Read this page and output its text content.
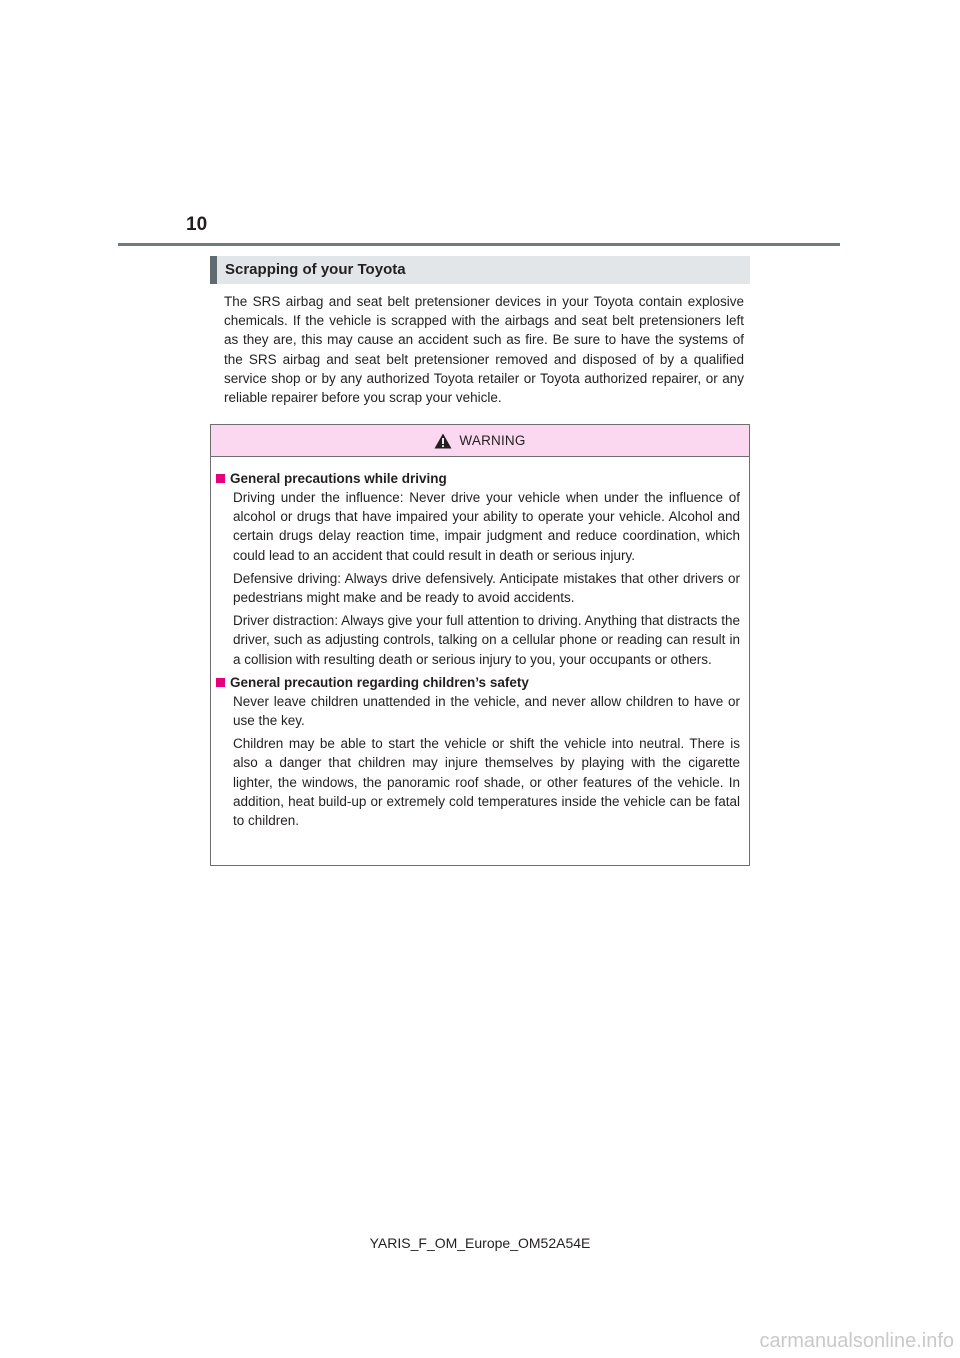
10
Scrapping of your Toyota

The SRS airbag and seat belt pretensioner devices in your Toyota contain explosive chemicals. If the vehicle is scrapped with the airbags and seat belt pretensioners left as they are, this may cause an accident such as fire. Be sure to have the systems of the SRS airbag and seat belt pretensioner removed and disposed of by a qualified service shop or by any authorized Toyota retailer or Toyota authorized repairer, or any reliable repairer before you scrap your vehicle.

WARNING
General precautions while driving

Driving under the influence: Never drive your vehicle when under the influence of alcohol or drugs that have impaired your ability to operate your vehicle. Alcohol and certain drugs delay reaction time, impair judgment and reduce coordination, which could lead to an accident that could result in death or serious injury.

Defensive driving: Always drive defensively. Anticipate mistakes that other drivers or pedestrians might make and be ready to avoid accidents.

Driver distraction: Always give your full attention to driving. Anything that distracts the driver, such as adjusting controls, talking on a cellular phone or reading can result in a collision with resulting death or serious injury to you, your occupants or others.

General precaution regarding children’s safety

Never leave children unattended in the vehicle, and never allow children to have or use the key.

Children may be able to start the vehicle or shift the vehicle into neutral. There is also a danger that children may injure themselves by playing with the cigarette lighter, the windows, the panoramic roof shade, or other features of the vehicle. In addition, heat build-up or extremely cold temperatures inside the vehicle can be fatal to children.

YARIS_F_OM_Europe_OM52A54E
carmanualsonline.info
